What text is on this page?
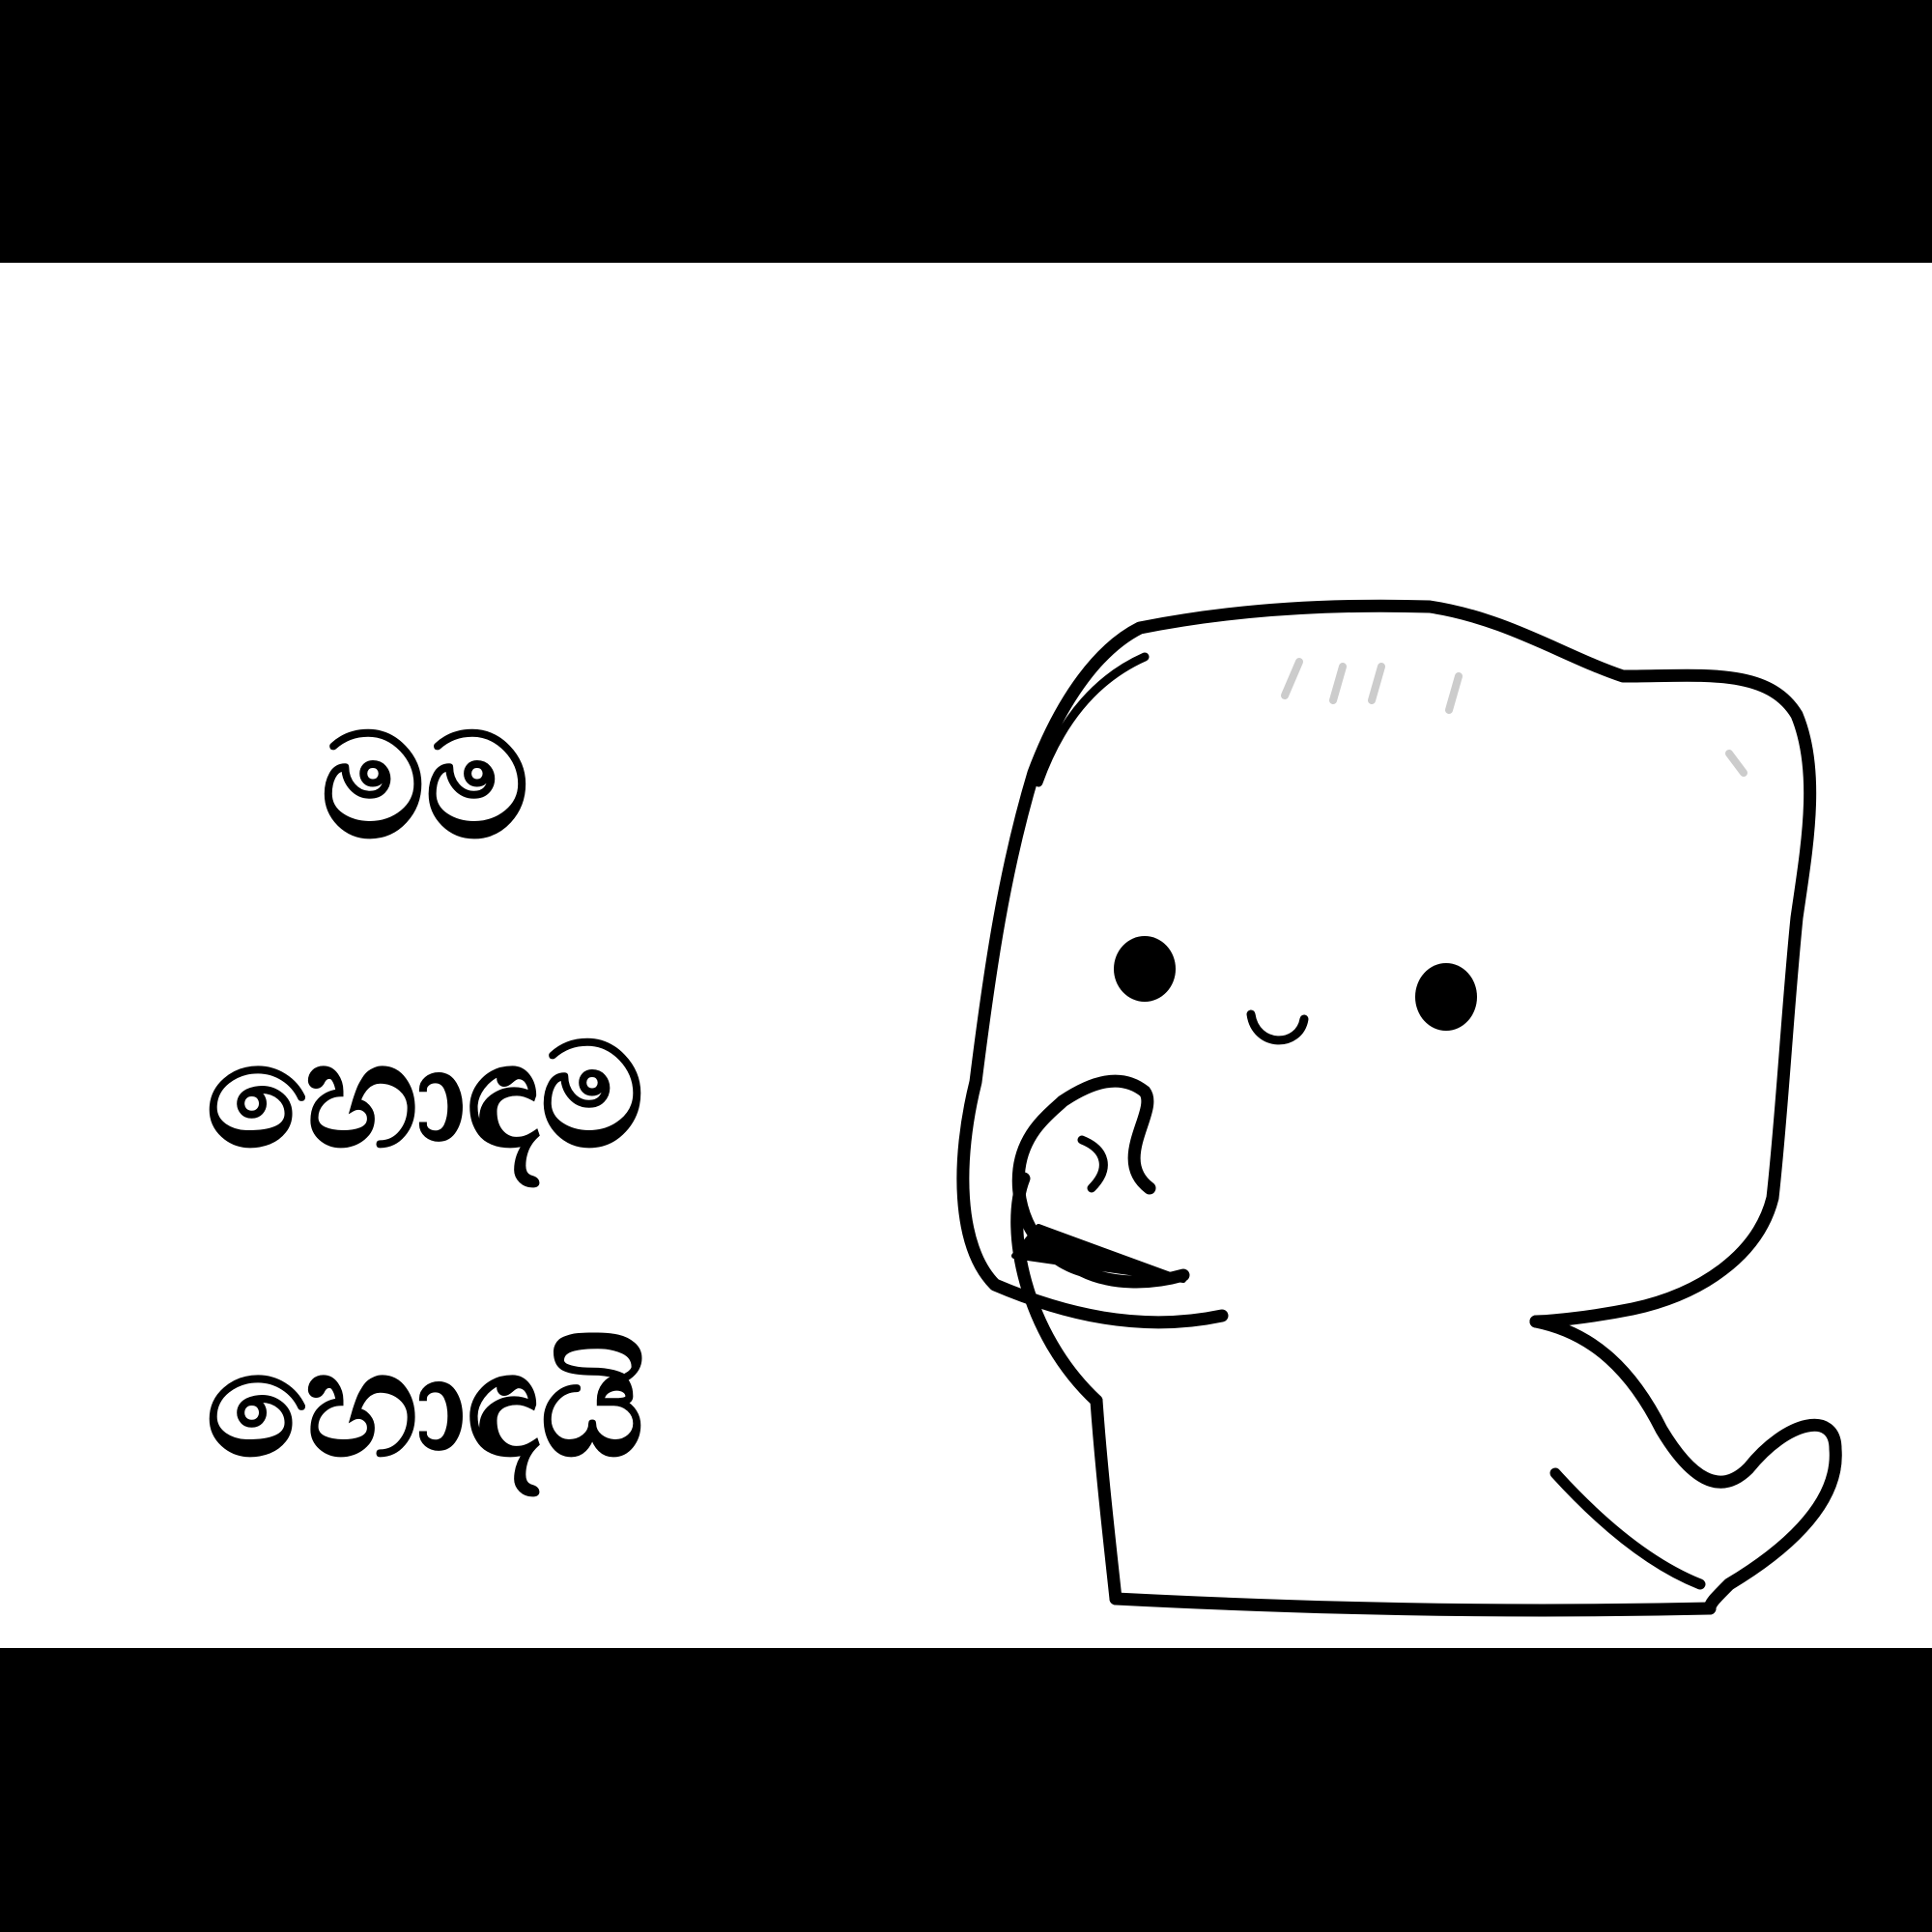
මම
හොඳම
හොඳයි
